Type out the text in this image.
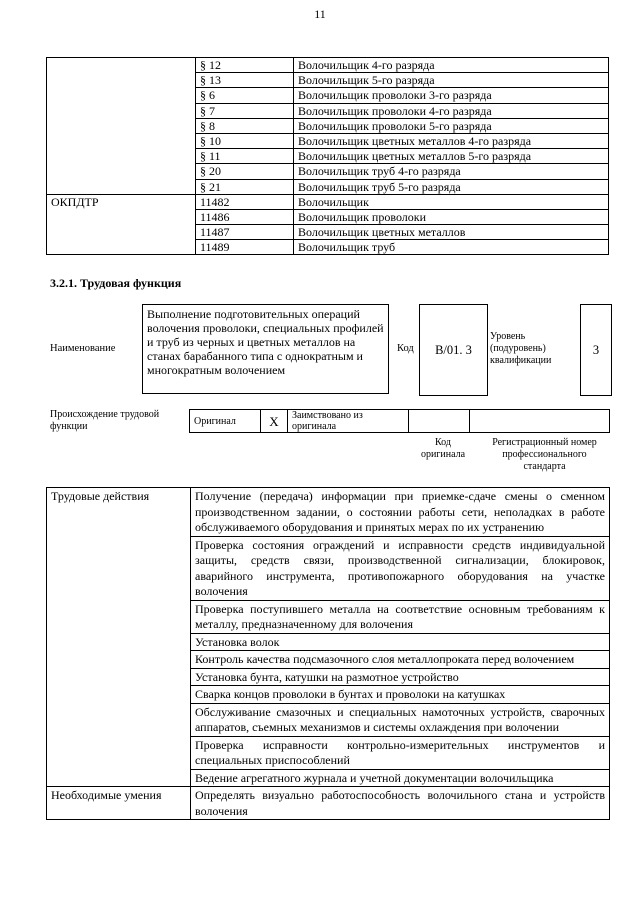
11
	§ 12	Волочильщик 4-го разряда
	§ 13	Волочильщик 5-го разряда
	§ 6	Волочильщик проволоки 3-го разряда
	§ 7	Волочильщик проволоки 4-го разряда
	§ 8	Волочильщик проволоки 5-го разряда
	§ 10	Волочильщик цветных металлов 4-го разряда
	§ 11	Волочильщик цветных металлов 5-го разряда
	§ 20	Волочильщик труб 4-го разряда
	§ 21	Волочильщик труб 5-го разряда
ОКПДТР	11482	Волочильщик
	11486	Волочильщик проволоки
	11487	Волочильщик цветных металлов
	11489	Волочильщик труб
3.2.1. Трудовая функция
Наименование
Выполнение подготовительных операций волочения проволоки, специальных профилей и труб из черных и цветных металлов на станах барабанного типа с однократным и многократным волочением
Код	B/01. 3
Уровень (подуровень) квалификации
3
Происхождение трудовой функции	Оригинал	X	Заимствовано из оригинала		
Код оригинала
Регистрационный номер профессионального стандарта
Трудовые действия	Получение (передача) информации при приемке-сдаче смены о сменном производственном задании, о состоянии работы сети, неполадках в работе обслуживаемого оборудования и принятых мерах по их устранению
	Проверка состояния ограждений и исправности средств индивидуальной защиты, средств связи, производственной сигнализации, блокировок, аварийного инструмента, противопожарного оборудования на участке волочения
	Проверка поступившего металла на соответствие основным требованиям к металлу, предназначенному для волочения
	Установка волок
	Контроль качества подсмазочного слоя металлопроката перед волочением
	Установка бунта, катушки на размотное устройство
	Сварка концов проволоки в бунтах и проволоки на катушках
	Обслуживание смазочных и специальных намоточных устройств, сварочных аппаратов, съемных механизмов и системы охлаждения при волочении
	Проверка исправности контрольно-измерительных инструментов и специальных приспособлений
	Ведение агрегатного журнала и учетной документации волочильщика
Необходимые умения	Определять визуально работоспособность волочильного стана и устройств волочения
